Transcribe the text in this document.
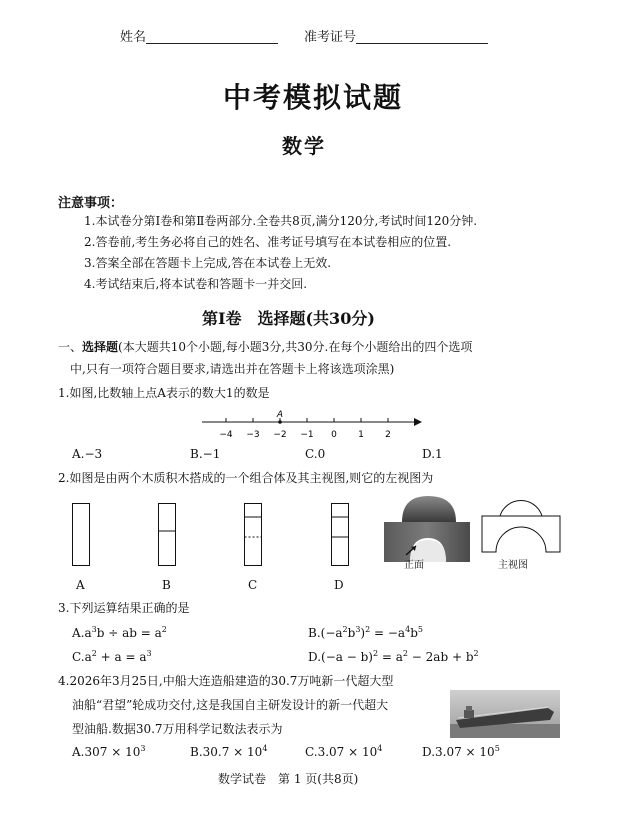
姓名	准考证号
中考模拟试题
数学
注意事项：
1.本试卷分第Ⅰ卷和第Ⅱ卷两部分.全卷共8页,满分120分,考试时间120分钟.
2.答卷前,考生务必将自己的姓名、准考证号填写在本试卷相应的位置.
3.答案全部在答题卡上完成,答在本试卷上无效.
4.考试结束后,将本试卷和答题卡一并交回.
第Ⅰ卷　选择题(共30分)
一、选择题(本大题共10个小题,每小题3分,共30分.在每个小题给出的四个选项
中,只有一项符合题目要求,请选出并在答题卡上将该选项涂黑)
1.如图,比数轴上点A表示的数大1的数是
−4 −3 −2 −1 0 1 2
A
A.−3	B.−1	C.0	D.1
2.如图是由两个木质积木搭成的一个组合体及其主视图,则它的左视图为
A	B	C	D
正面	主视图
3.下列运算结果正确的是
$A.a^3b$ ÷ ab = $a^2$	$B.(-a^2b^3)^2 = -a^4b^5$
$C.a^2 + a = a^3$	$D.(-a - b)^2 = a^2 - 2ab + b^2$
4.2026年3月25日,中船大连造船建造的30.7万吨新一代超大型
油船“君望”轮成功交付,这是我国自主研发设计的新一代超大
型油船.数据30.7万用科学记数法表示为
$A.307 \times 10^3$	$B.30.7 \times 10^4$	$C.3.07 \times 10^4$	$D.3.07 \times 10^5$
数学试卷　第 1 页(共8页)
